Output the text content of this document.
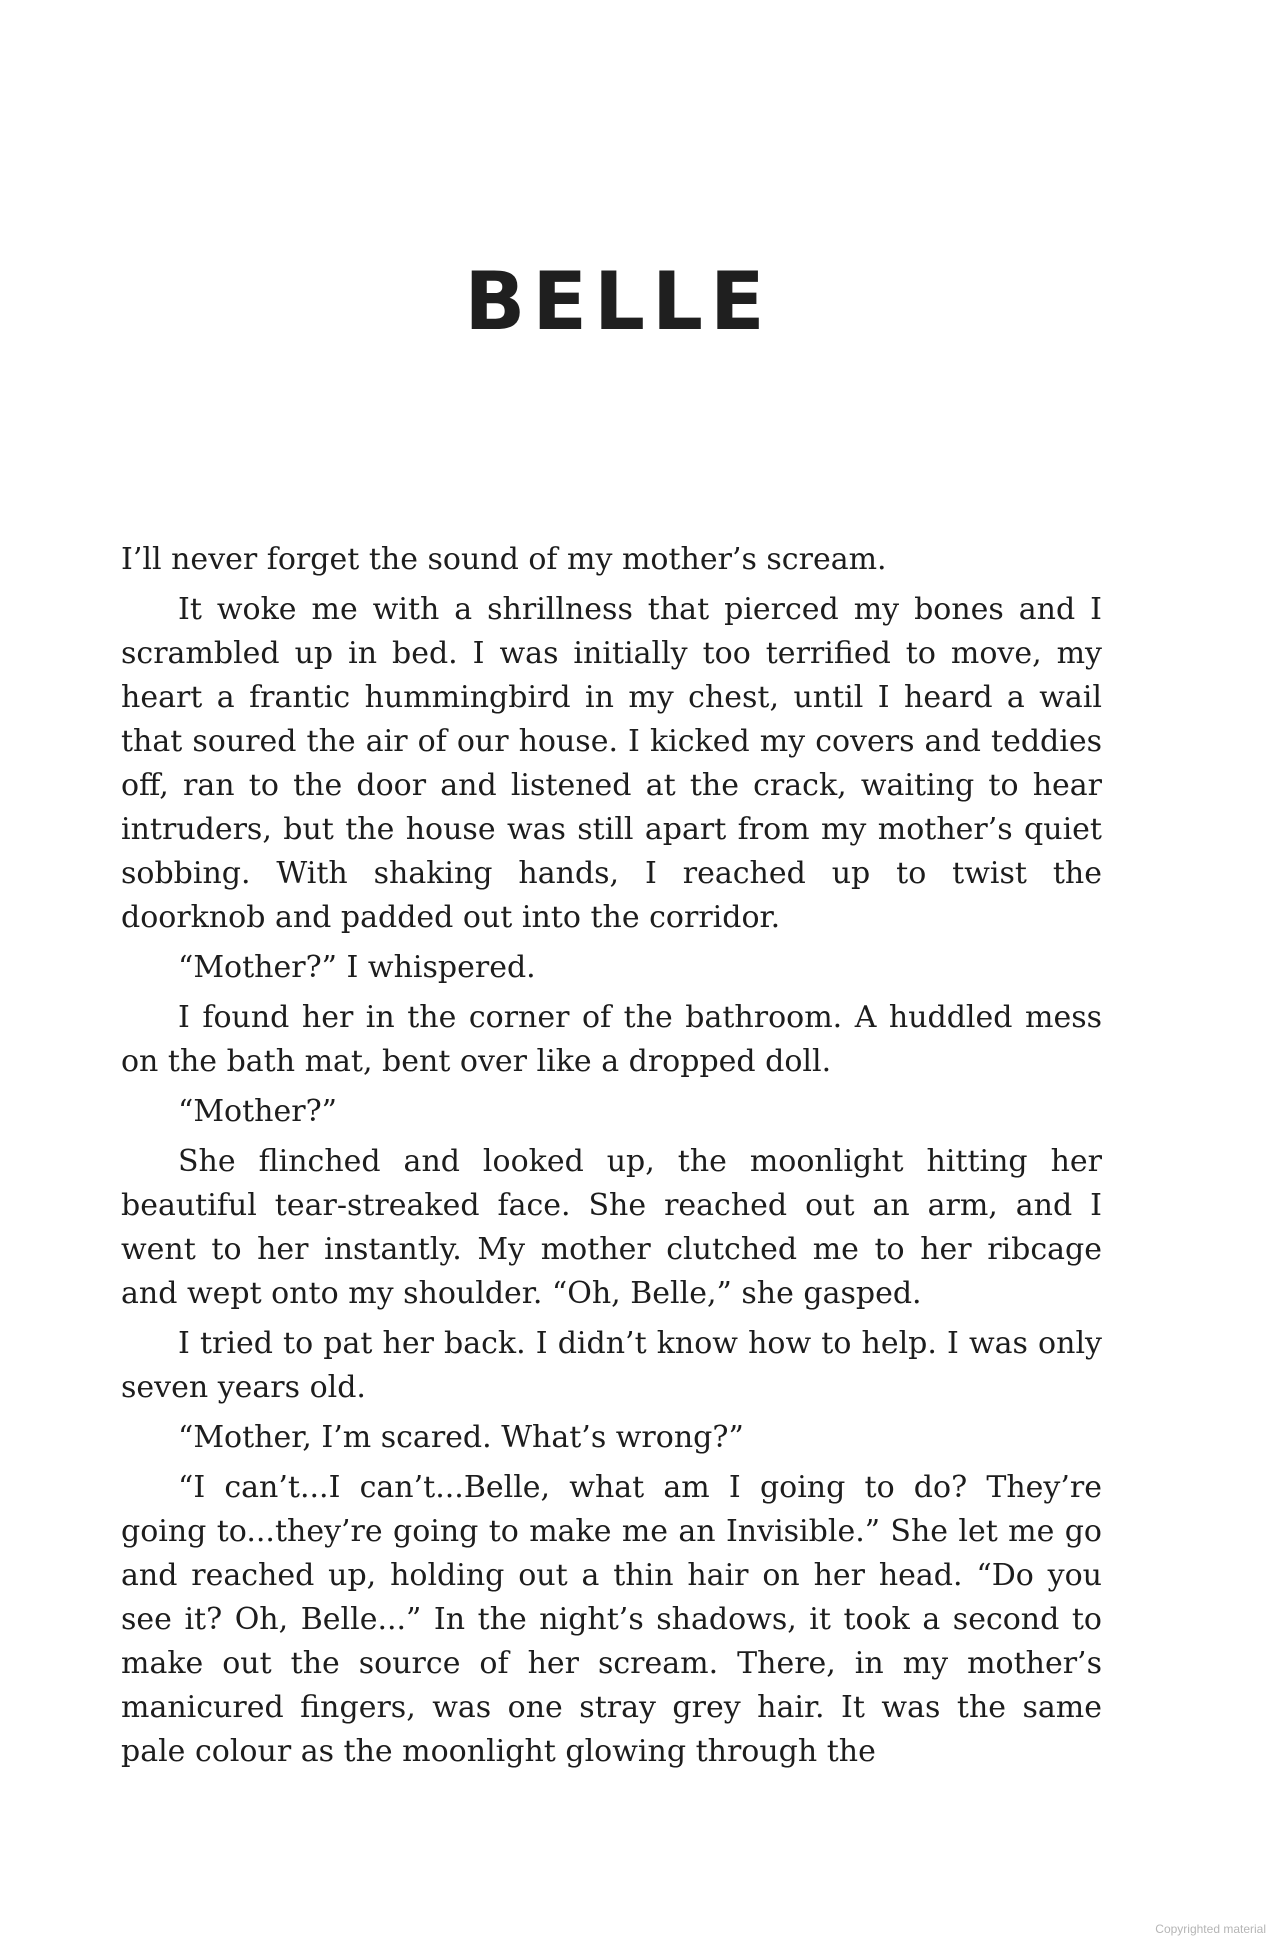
BELLE

I’ll never forget the sound of my mother’s scream.

It woke me with a shrillness that pierced my bones and I scrambled up in bed. I was initially too terrified to move, my heart a frantic hummingbird in my chest, until I heard a wail that soured the air of our house. I kicked my covers and teddies off, ran to the door and listened at the crack, waiting to hear intruders, but the house was still apart from my mother’s quiet sobbing. With shaking hands, I reached up to twist the doorknob and padded out into the corridor.

“Mother?” I whispered.

I found her in the corner of the bathroom. A huddled mess on the bath mat, bent over like a dropped doll.

“Mother?”

She flinched and looked up, the moonlight hitting her beautiful tear-streaked face. She reached out an arm, and I went to her instantly. My mother clutched me to her ribcage and wept onto my shoulder. “Oh, Belle,” she gasped.

I tried to pat her back. I didn’t know how to help. I was only seven years old.

“Mother, I’m scared. What’s wrong?”

“I can’t...I can’t...Belle, what am I going to do? They’re going to...they’re going to make me an Invisible.” She let me go and reached up, holding out a thin hair on her head. “Do you see it? Oh, Belle...” In the night’s shadows, it took a second to make out the source of her scream. There, in my mother’s manicured fingers, was one stray grey hair. It was the same pale colour as the moonlight glowing through the

Copyrighted material
